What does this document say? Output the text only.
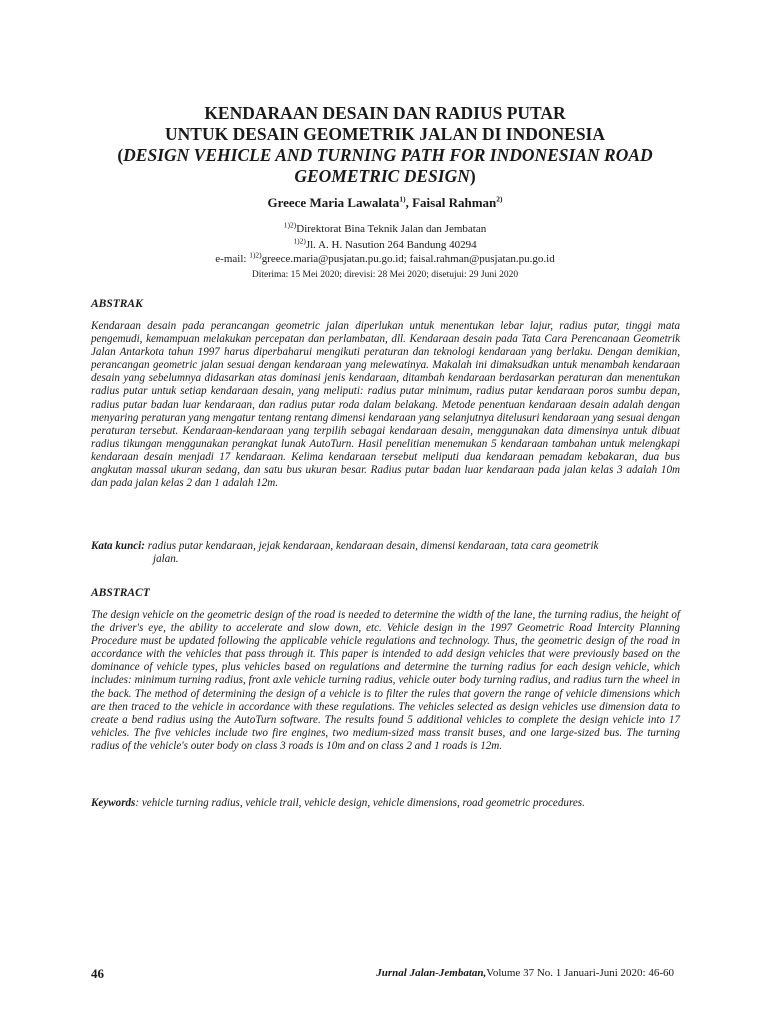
KENDARAAN DESAIN DAN RADIUS PUTAR
UNTUK DESAIN GEOMETRIK JALAN DI INDONESIA
(DESIGN VEHICLE AND TURNING PATH FOR INDONESIAN ROAD
GEOMETRIC DESIGN)
Greece Maria Lawalata$^{1)}$, Faisal Rahman$^{2)}$
$^{1)2)}$Direktorat Bina Teknik Jalan dan Jembatan
$^{1)2)}$Jl. A. H. Nasution 264 Bandung 40294
e-mail: $^{1)2)}$greece.maria@pusjatan.pu.go.id; faisal.rahman@pusjatan.pu.go.id
Diterima: 15 Mei 2020; direvisi: 28 Mei 2020; disetujui: 29 Juni 2020
ABSTRAK
Kendaraan desain pada perancangan geometric jalan diperlukan untuk menentukan lebar lajur, radius putar, tinggi mata pengemudi, kemampuan melakukan percepatan dan perlambatan, dll. Kendaraan desain pada Tata Cara Perencanaan Geometrik Jalan Antarkota tahun 1997 harus diperbaharui mengikuti peraturan dan teknologi kendaraan yang berlaku. Dengan demikian, perancangan geometric jalan sesuai dengan kendaraan yang melewatinya. Makalah ini dimaksudkan untuk menambah kendaraan desain yang sebelumnya didasarkan atas dominasi jenis kendaraan, ditambah kendaraan berdasarkan peraturan dan menentukan radius putar untuk setiap kendaraan desain, yang meliputi: radius putar minimum, radius putar kendaraan poros sumbu depan, radius putar badan luar kendaraan, dan radius putar roda dalam belakang. Metode penentuan kendaraan desain adalah dengan menyaring peraturan yang mengatur tentang rentang dimensi kendaraan yang selanjutnya ditelusuri kendaraan yang sesuai dengan peraturan tersebut. Kendaraan-kendaraan yang terpilih sebagai kendaraan desain, menggunakan data dimensinya untuk dibuat radius tikungan menggunakan perangkat lunak AutoTurn. Hasil penelitian menemukan 5 kendaraan tambahan untuk melengkapi kendaraan desain menjadi 17 kendaraan. Kelima kendaraan tersebut meliputi dua kendaraan pemadam kebakaran, dua bus angkutan massal ukuran sedang, dan satu bus ukuran besar. Radius putar badan luar kendaraan pada jalan kelas 3 adalah 10m dan pada jalan kelas 2 dan 1 adalah 12m.
Kata kunci: radius putar kendaraan, jejak kendaraan, kendaraan desain, dimensi kendaraan, tata cara geometrik
jalan.
ABSTRACT
The design vehicle on the geometric design of the road is needed to determine the width of the lane, the turning radius, the height of the driver's eye, the ability to accelerate and slow down, etc. Vehicle design in the 1997 Geometric Road Intercity Planning Procedure must be updated following the applicable vehicle regulations and technology. Thus, the geometric design of the road in accordance with the vehicles that pass through it. This paper is intended to add design vehicles that were previously based on the dominance of vehicle types, plus vehicles based on regulations and determine the turning radius for each design vehicle, which includes: minimum turning radius, front axle vehicle turning radius, vehicle outer body turning radius, and radius turn the wheel in the back. The method of determining the design of a vehicle is to filter the rules that govern the range of vehicle dimensions which are then traced to the vehicle in accordance with these regulations. The vehicles selected as design vehicles use dimension data to create a bend radius using the AutoTurn software. The results found 5 additional vehicles to complete the design vehicle into 17 vehicles. The five vehicles include two fire engines, two medium-sized mass transit buses, and one large-sized bus. The turning radius of the vehicle's outer body on class 3 roads is 10m and on class 2 and 1 roads is 12m.
Keywords: vehicle turning radius, vehicle trail, vehicle design, vehicle dimensions, road geometric procedures.
46	Jurnal Jalan-Jembatan,Volume 37 No. 1 Januari-Juni 2020: 46-60
